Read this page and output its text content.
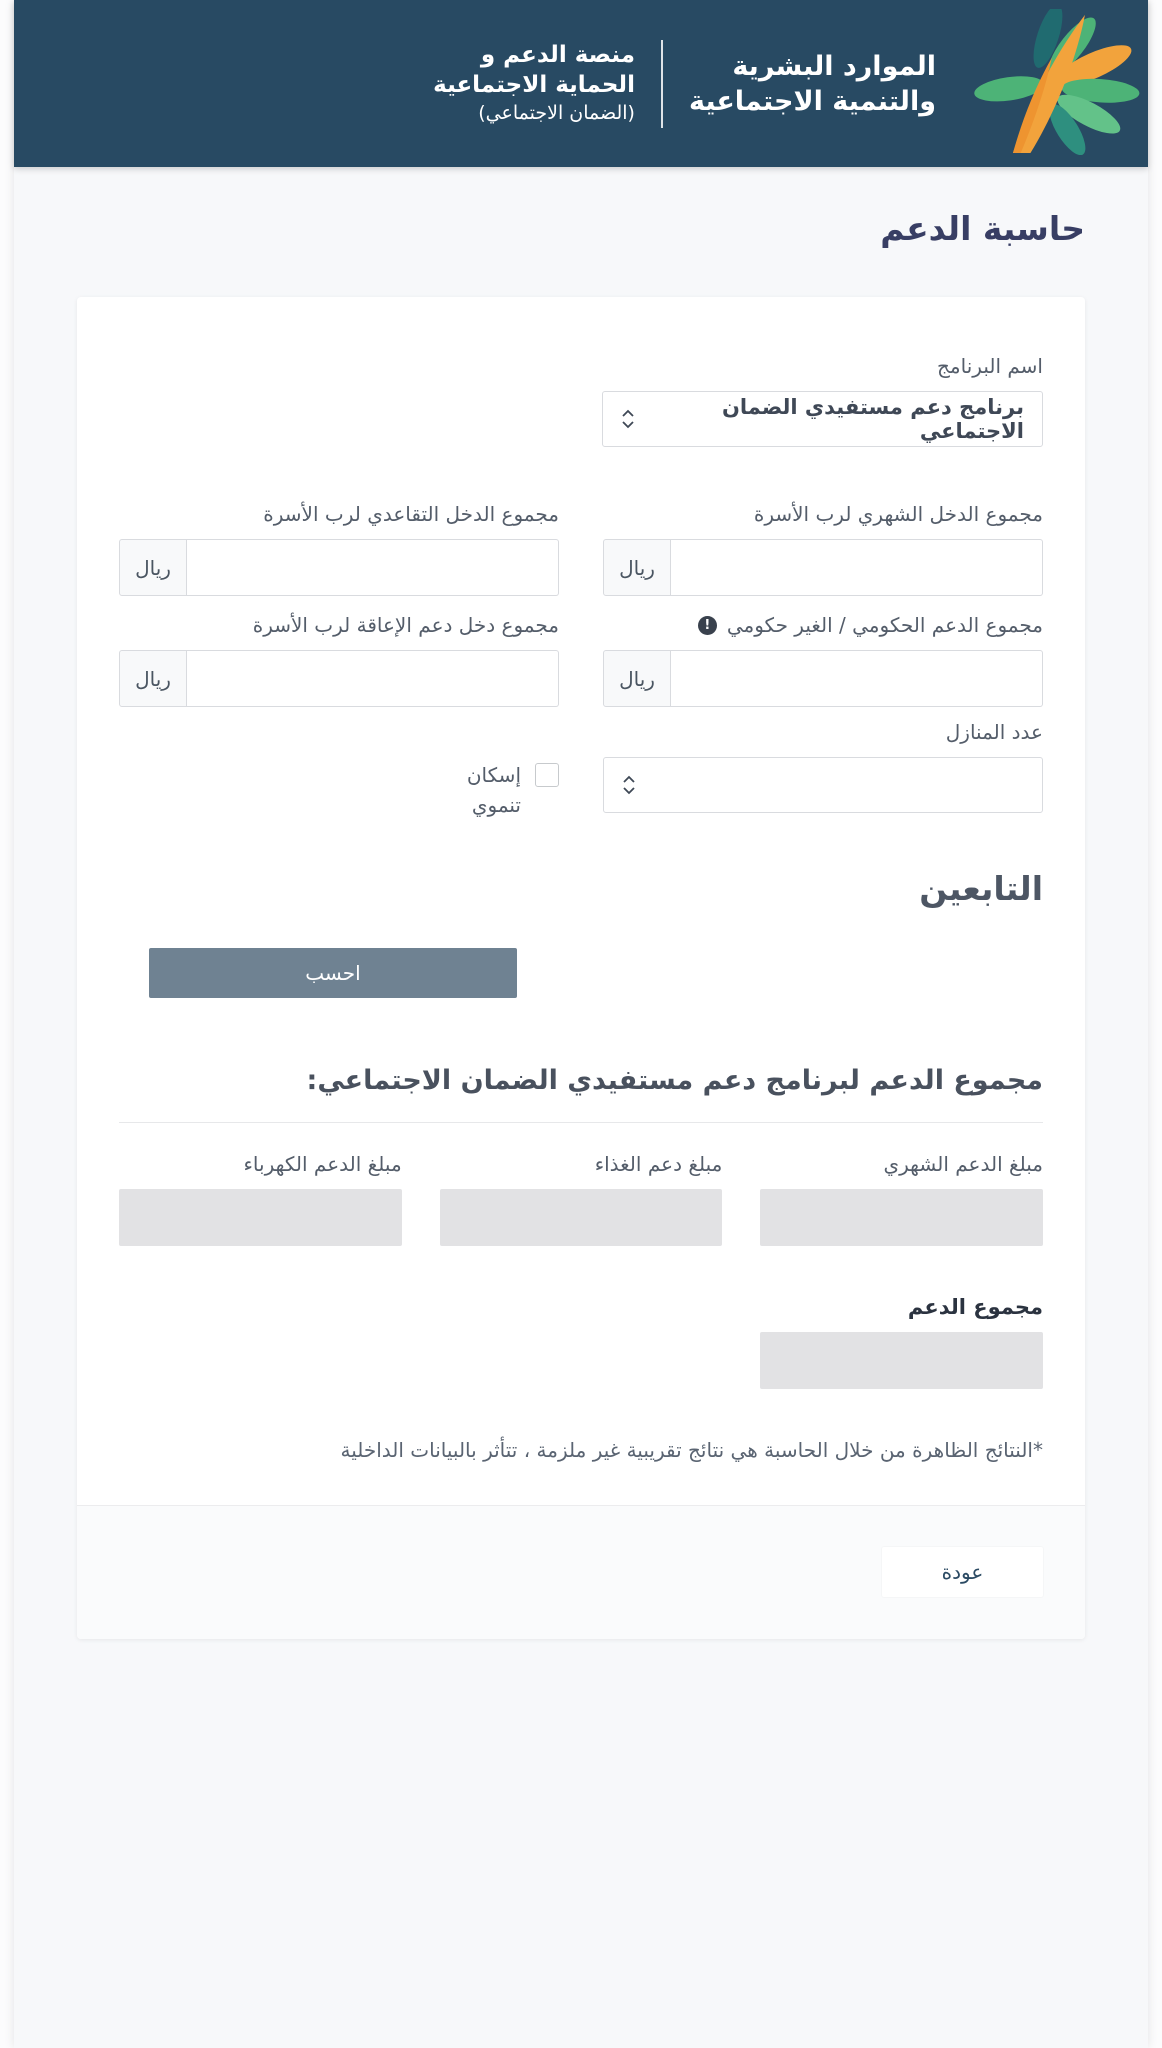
الموارد البشرية
والتنمية الاجتماعية
منصة الدعم و
الحماية الاجتماعية
(الضمان الاجتماعي)
حاسبة الدعم
اسم البرنامج
برنامج دعم مستفيدي الضمان الاجتماعي
مجموع الدخل الشهري لرب الأسرة
ريال
مجموع الدخل التقاعدي لرب الأسرة
ريال
مجموع الدعم الحكومي / الغير حكومي
!
ريال
مجموع دخل دعم الإعاقة لرب الأسرة
ريال
عدد المنازل
إسكان تنموي
التابعين
احسب
مجموع الدعم لبرنامج دعم مستفيدي الضمان الاجتماعي:
مبلغ الدعم الشهري
مبلغ دعم الغذاء
مبلغ الدعم الكهرباء
مجموع الدعم

*النتائج الظاهرة من خلال الحاسبة هي نتائج تقريبية غير ملزمة ، تتأثر بالبيانات الداخلية

عودة
